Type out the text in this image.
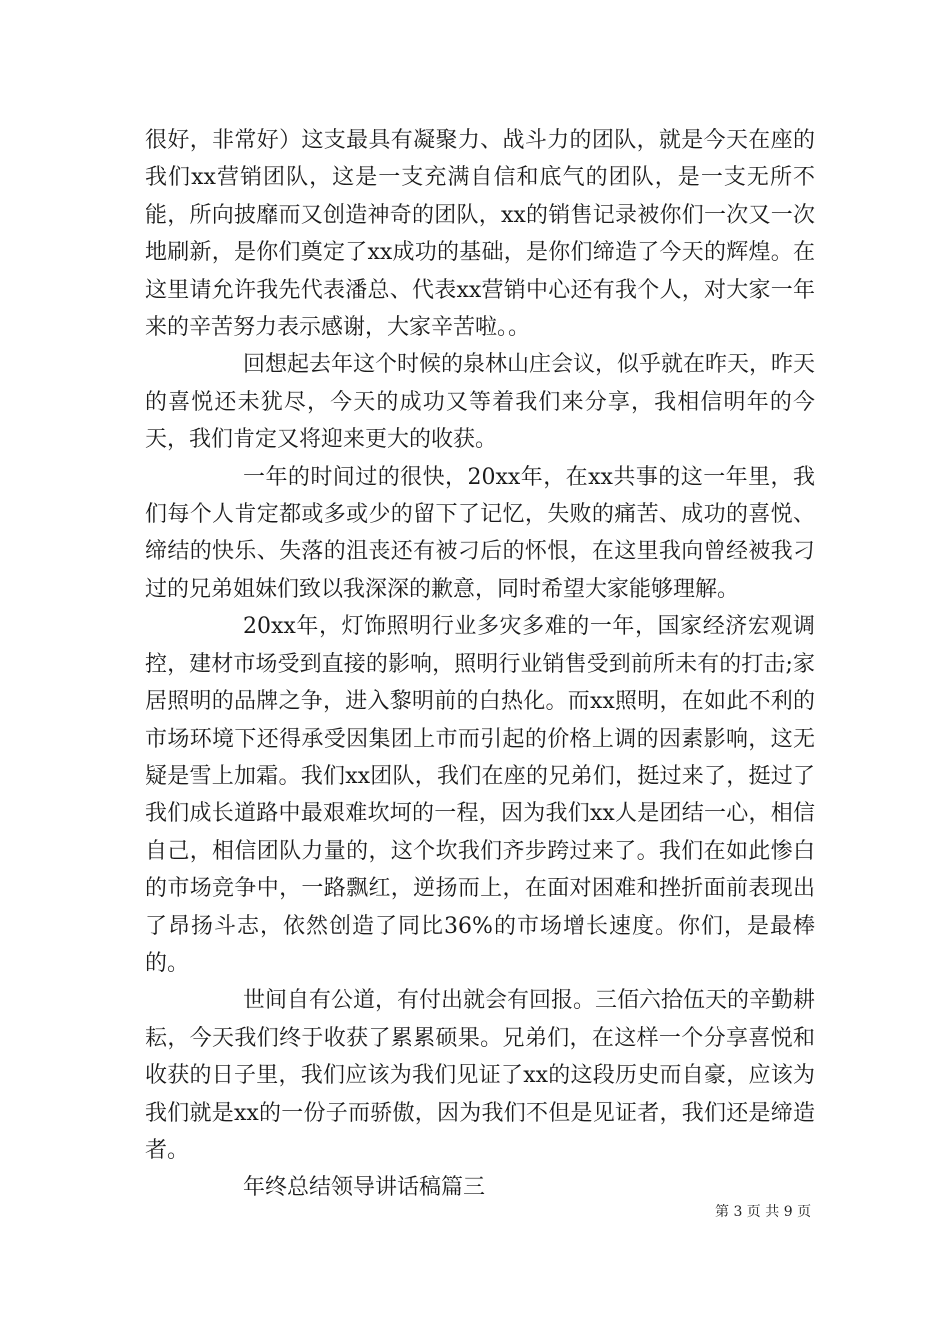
很好，非常好）这支最具有凝聚力、战斗力的团队，就是今天在座的我们xx营销团队，这是一支充满自信和底气的团队，是一支无所不能，所向披靡而又创造神奇的团队，xx的销售记录被你们一次又一次地刷新，是你们奠定了xx成功的基础，是你们缔造了今天的辉煌。在这里请允许我先代表潘总、代表xx营销中心还有我个人，对大家一年来的辛苦努力表示感谢，大家辛苦啦。。

回想起去年这个时候的泉林山庄会议，似乎就在昨天，昨天的喜悦还未犹尽，今天的成功又等着我们来分享，我相信明年的今天，我们肯定又将迎来更大的收获。

一年的时间过的很快，20xx年，在xx共事的这一年里，我们每个人肯定都或多或少的留下了记忆，失败的痛苦、成功的喜悦、缔结的快乐、失落的沮丧还有被刁后的怀恨，在这里我向曾经被我刁过的兄弟姐妹们致以我深深的歉意，同时希望大家能够理解。

20xx年，灯饰照明行业多灾多难的一年，国家经济宏观调控，建材市场受到直接的影响，照明行业销售受到前所未有的打击;家居照明的品牌之争，进入黎明前的白热化。而xx照明，在如此不利的市场环境下还得承受因集团上市而引起的价格上调的因素影响，这无疑是雪上加霜。我们xx团队，我们在座的兄弟们，挺过来了，挺过了我们成长道路中最艰难坎坷的一程，因为我们xx人是团结一心，相信自己，相信团队力量的，这个坎我们齐步跨过来了。我们在如此惨白的市场竞争中，一路飘红，逆扬而上，在面对困难和挫折面前表现出了昂扬斗志，依然创造了同比36%的市场增长速度。你们，是最棒的。

世间自有公道，有付出就会有回报。三佰六拾伍天的辛勤耕耘，今天我们终于收获了累累硕果。兄弟们，在这样一个分享喜悦和收获的日子里，我们应该为我们见证了xx的这段历史而自豪，应该为我们就是xx的一份子而骄傲，因为我们不但是见证者，我们还是缔造者。

年终总结领导讲话稿篇三

第 3 页 共 9 页
